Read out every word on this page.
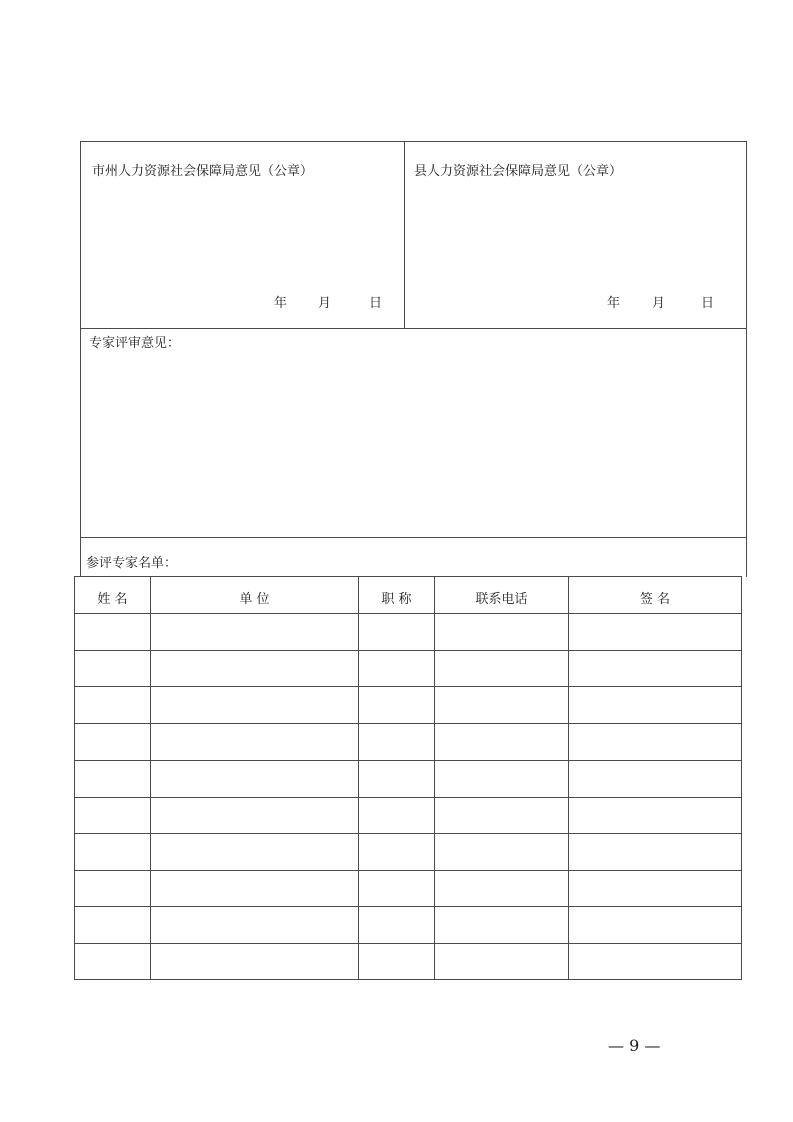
市州人力资源社会保障局意见（公章）
年 月	日
县人力资源社会保障局意见（公章）
年 月	日
专家评审意见：
参评专家名单：
姓 名	单 位	职 称	联系电话	签 名
— 9 —
